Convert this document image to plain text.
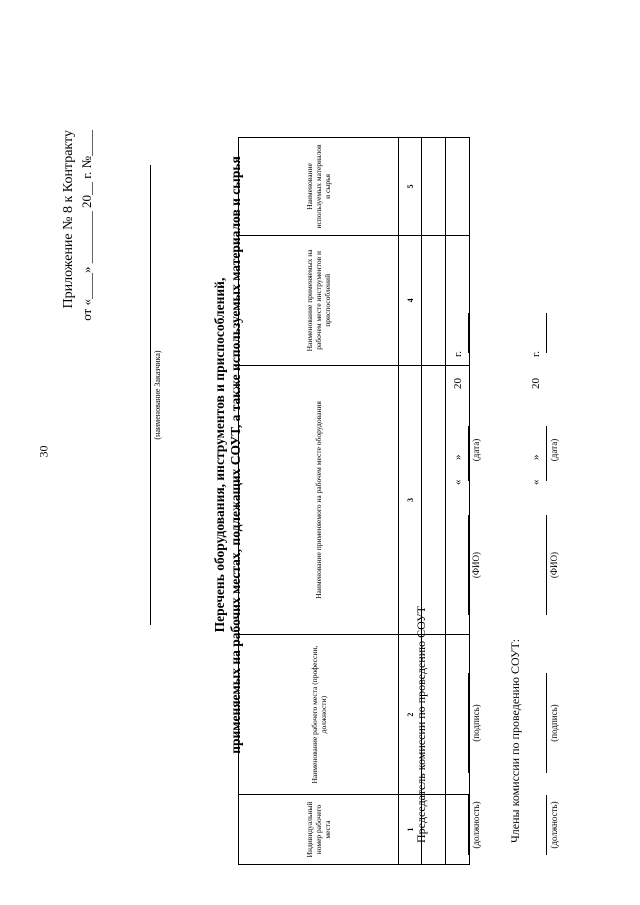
30
Приложение № 8 к Контракту от «____» ________ 20__ г. №____
(наименование Заказчика)	Перечень оборудования, инструментов и приспособлений, применяемых на рабочих местах, подлежащих СОУТ, а также используемых материалов и сырья
Индивидуальный номер рабочего места	Наименование рабочего места (профессии, должности)	Наименование применяемого на рабочем месте оборудования	Наименование применяемых на рабочем месте инструментов и приспособлений	Наименование используемых материалов и сырья
1	2	3	4	5

Председатель комиссии по проведению СОУТ
«
»
20
г.
(должность)
(подпись)
(ФИО)
(дата)
Члены комиссии по проведению СОУТ:
«
»
20
г.
(должность)
(подпись)
(ФИО)
(дата)
